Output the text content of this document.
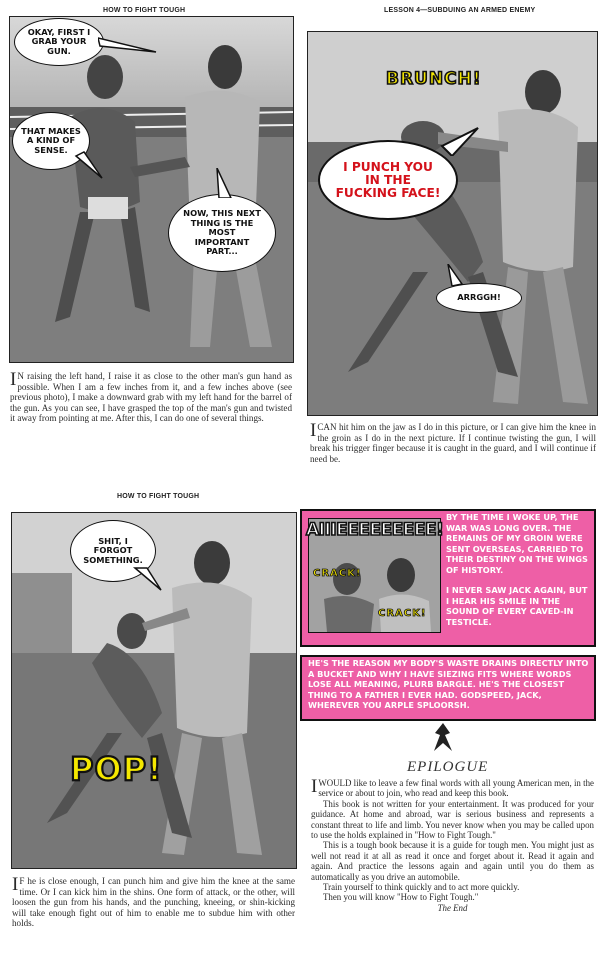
HOW TO FIGHT TOUGH
OKAY, FIRST I GRAB YOUR GUN.
THAT MAKES A KIND OF SENSE.
NOW, THIS NEXT THING IS THE MOST IMPORTANT PART...
I N raising the left hand, I raise it as close to the other man's gun hand as possible. When I am a few inches from it, and a few inches above (see previous photo), I make a downward grab with my left hand for the barrel of the gun. As you can see, I have grasped the top of the man's gun and twisted it away from pointing at me. After this, I can do one of several things.
LESSON 4—SUBDUING AN ARMED ENEMY
BRUNCH!
I PUNCH YOU IN THE FUCKING FACE!
ARRGGH!
ICAN hit him on the jaw as I do in this picture, or I can give him the knee in the groin as I do in the next picture. If I continue twisting the gun, I will break his trigger finger because it is caught in the guard, and I will continue if need be.
HOW TO FIGHT TOUGH
SHIT, I FORGOT SOMETHING.
POP!
I F he is close enough, I can punch him and give him the knee at the same time. Or I can kick him in the shins. One form of attack, or the other, will loosen the gun from his hands, and the punching, kneeing, or shin-kicking will take enough fight out of him to enable me to subdue him with other holds.
AIIIEEEEEEEEE!
CRACK!
CRACK!
BY THE TIME I WOKE UP, THE WAR WAS LONG OVER. THE REMAINS OF MY GROIN WERE SENT OVERSEAS, CARRIED TO THEIR DESTINY ON THE WINGS OF HISTORY.
I NEVER SAW JACK AGAIN, BUT I HEAR HIS SMILE IN THE SOUND OF EVERY CAVED-IN TESTICLE.
HE'S THE REASON MY BODY'S WASTE DRAINS DIRECTLY INTO A BUCKET AND WHY I HAVE SIEZING FITS WHERE WORDS LOSE ALL MEANING, PLURB BARGLE. HE'S THE CLOSEST THING TO A FATHER I EVER HAD. GODSPEED, JACK, WHEREVER YOU ARPLE SPLOORSH.
EPILOGUE
IWOULD like to leave a few final words with all young American men, in the service or about to join, who read and keep this book.
This book is not written for your entertainment. It was produced for your guidance. At home and abroad, war is serious business and represents a constant threat to life and limb. You never know when you may be called upon to use the holds explained in "How to Fight Tough."
This is a tough book because it is a guide for tough men. You might just as well not read it at all as read it once and forget about it. Read it again and again. And practice the lessons again and again until you do them as automatically as you drive an automobile.
Train yourself to think quickly and to act more quickly.
Then you will know "How to Fight Tough."
The End
